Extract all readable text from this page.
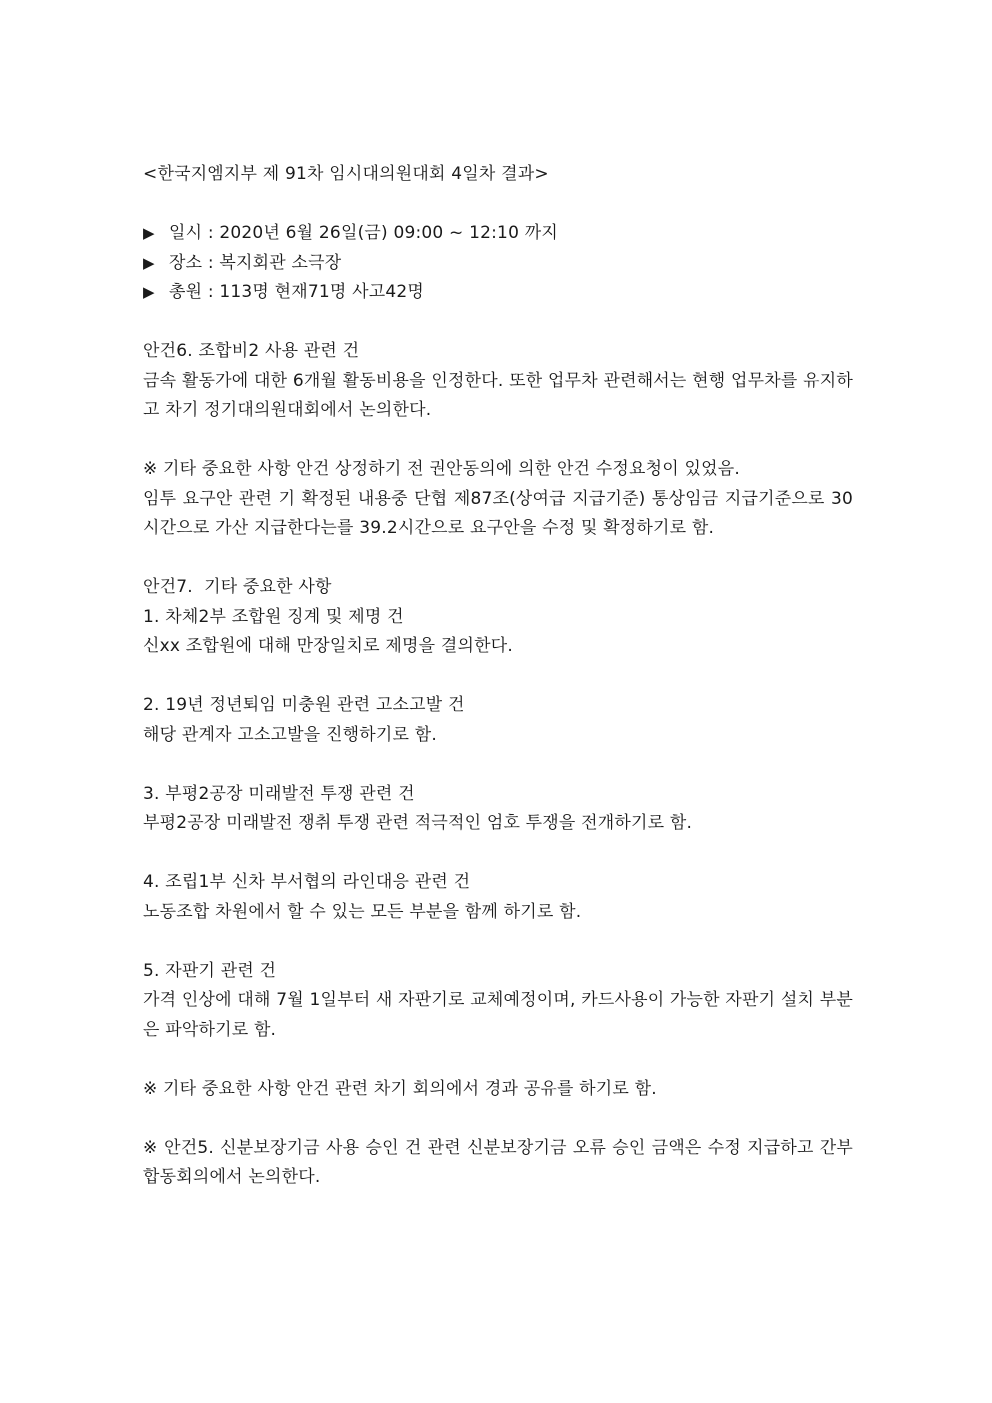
<한국지엠지부 제 91차 임시대의원대회 4일차 결과>
▶ 일시 : 2020년 6월 26일(금) 09:00 ~ 12:10 까지
▶ 장소 : 복지회관 소극장
▶ 총원 : 113명 현재71명 사고42명
안건6. 조합비2 사용 관련 건
금속 활동가에 대한 6개월 활동비용을 인정한다. 또한 업무차 관련해서는 현행 업무차를 유지하고 차기 정기대의원대회에서 논의한다.
※ 기타 중요한 사항 안건 상정하기 전 권안동의에 의한 안건 수정요청이 있었음.
임투 요구안 관련 기 확정된 내용중 단협 제87조(상여급 지급기준) 통상임금 지급기준으로 30시간으로 가산 지급한다는를 39.2시간으로 요구안을 수정 및 확정하기로 함.
안건7.  기타 중요한 사항
1. 차체2부 조합원 징계 및 제명 건
신xx 조합원에 대해 만장일치로 제명을 결의한다.
2. 19년 정년퇴임 미충원 관련 고소고발 건
해당 관계자 고소고발을 진행하기로 함.
3. 부평2공장 미래발전 투쟁 관련 건
부평2공장 미래발전 쟁취 투쟁 관련 적극적인 엄호 투쟁을 전개하기로 함.
4. 조립1부 신차 부서협의 라인대응 관련 건
노동조합 차원에서 할 수 있는 모든 부분을 함께 하기로 함.
5. 자판기 관련 건
가격 인상에 대해 7월 1일부터 새 자판기로 교체예정이며, 카드사용이 가능한 자판기 설치 부분은 파악하기로 함.
※ 기타 중요한 사항 안건 관련 차기 회의에서 경과 공유를 하기로 함.
※ 안건5. 신분보장기금 사용 승인 건 관련 신분보장기금 오류 승인 금액은 수정 지급하고 간부합동회의에서 논의한다.
